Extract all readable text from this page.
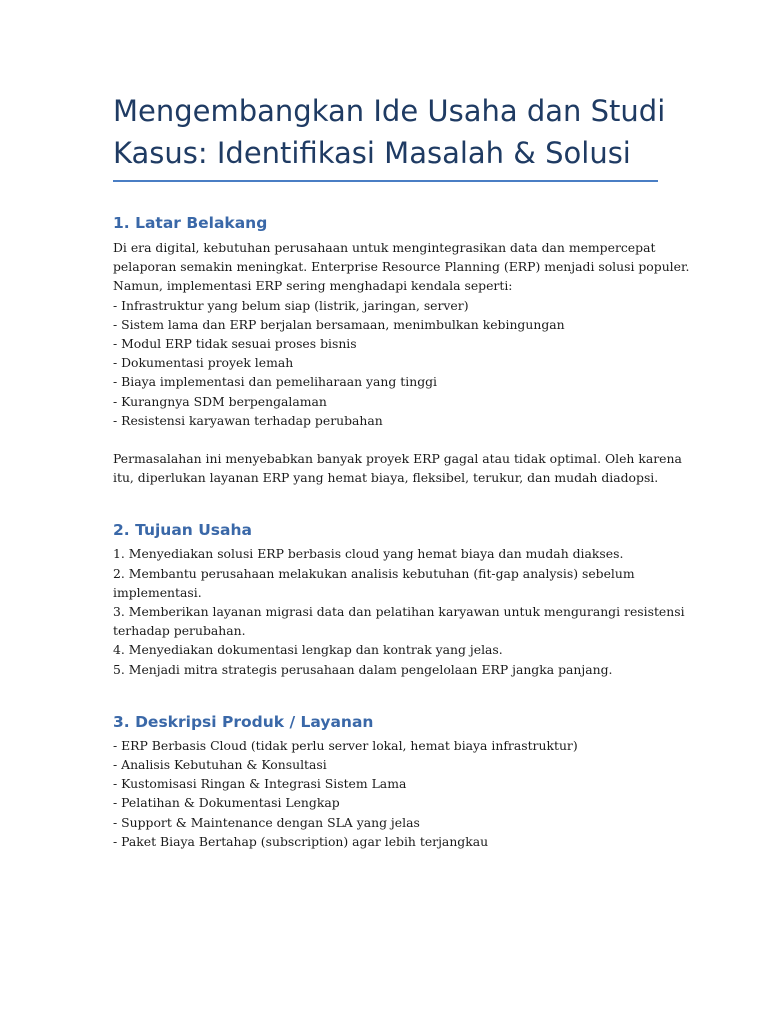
Mengembangkan Ide Usaha dan Studi
Kasus: Identifikasi Masalah & Solusi
1. Latar Belakang
Di era digital, kebutuhan perusahaan untuk mengintegrasikan data dan mempercepat
pelaporan semakin meningkat. Enterprise Resource Planning (ERP) menjadi solusi populer.
Namun, implementasi ERP sering menghadapi kendala seperti:
- Infrastruktur yang belum siap (listrik, jaringan, server)
- Sistem lama dan ERP berjalan bersamaan, menimbulkan kebingungan
- Modul ERP tidak sesuai proses bisnis
- Dokumentasi proyek lemah
- Biaya implementasi dan pemeliharaan yang tinggi
- Kurangnya SDM berpengalaman
- Resistensi karyawan terhadap perubahan
Permasalahan ini menyebabkan banyak proyek ERP gagal atau tidak optimal. Oleh karena
itu, diperlukan layanan ERP yang hemat biaya, fleksibel, terukur, dan mudah diadopsi.
2. Tujuan Usaha
1. Menyediakan solusi ERP berbasis cloud yang hemat biaya dan mudah diakses.
2. Membantu perusahaan melakukan analisis kebutuhan (fit-gap analysis) sebelum
implementasi.
3. Memberikan layanan migrasi data dan pelatihan karyawan untuk mengurangi resistensi
terhadap perubahan.
4. Menyediakan dokumentasi lengkap dan kontrak yang jelas.
5. Menjadi mitra strategis perusahaan dalam pengelolaan ERP jangka panjang.
3. Deskripsi Produk / Layanan
- ERP Berbasis Cloud (tidak perlu server lokal, hemat biaya infrastruktur)
- Analisis Kebutuhan & Konsultasi
- Kustomisasi Ringan & Integrasi Sistem Lama
- Pelatihan & Dokumentasi Lengkap
- Support & Maintenance dengan SLA yang jelas
- Paket Biaya Bertahap (subscription) agar lebih terjangkau
